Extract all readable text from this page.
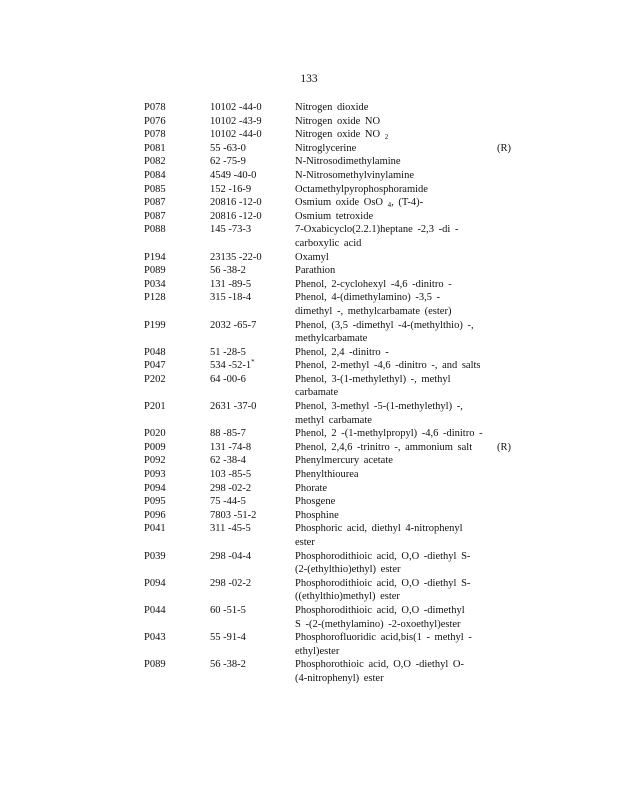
133
P078	10102 -44-0	Nitrogen dioxide
P076	10102 -43-9	Nitrogen oxide NO
P078	10102 -44-0	Nitrogen oxide NO $_2$
P081	55 -63-0	Nitroglycerine	(R)
P082	62 -75-9	N-Nitrosodimethylamine
P084	4549 -40-0	N-Nitrosomethylvinylamine
P085	152 -16-9	Octamethylpyrophosphoramide
P087	20816 -12-0	Osmium oxide OsO $_4$, (T-4)-
P087	20816 -12-0	Osmium tetroxide
P088	145 -73-3	7-Oxabicyclo(2.2.1)heptane -2,3 -di -
carboxylic acid
P194	23135 -22-0	Oxamyl
P089	56 -38-2	Parathion
P034	131 -89-5	Phenol, 2-cyclohexyl -4,6 -dinitro -
P128	315 -18-4	Phenol, 4-(dimethylamino) -3,5 -
dimethyl -, methylcarbamate (ester)
P199	2032 -65-7	Phenol, (3,5 -dimethyl -4-(methylthio) -,
methylcarbamate
P048	51 -28-5	Phenol, 2,4 -dinitro -
P047	534 -52-1*	Phenol, 2-methyl -4,6 -dinitro -, and salts
P202	64 -00-6	Phenol, 3-(1-methylethyl) -, methyl
carbamate
P201	2631 -37-0	Phenol, 3-methyl -5-(1-methylethyl) -,
methyl carbamate
P020	88 -85-7	Phenol, 2 -(1-methylpropyl) -4,6 -dinitro -
P009	131 -74-8	Phenol, 2,4,6 -trinitro -, ammonium salt	(R)
P092	62 -38-4	Phenylmercury acetate
P093	103 -85-5	Phenylthiourea
P094	298 -02-2	Phorate
P095	75 -44-5	Phosgene
P096	7803 -51-2	Phosphine
P041	311 -45-5	Phosphoric acid, diethyl 4-nitrophenyl
ester
P039	298 -04-4	Phosphorodithioic acid, O,O -diethyl S-
(2-(ethylthio)ethyl) ester
P094	298 -02-2	Phosphorodithioic acid, O,O -diethyl S-
((ethylthio)methyl) ester
P044	60 -51-5	Phosphorodithioic acid, O,O -dimethyl
S -(2-(methylamino) -2-oxoethyl)ester
P043	55 -91-4	Phosphorofluoridic acid,bis(1 - methyl -
ethyl)ester
P089	56 -38-2	Phosphorothioic acid, O,O -diethyl O-
(4-nitrophenyl) ester
